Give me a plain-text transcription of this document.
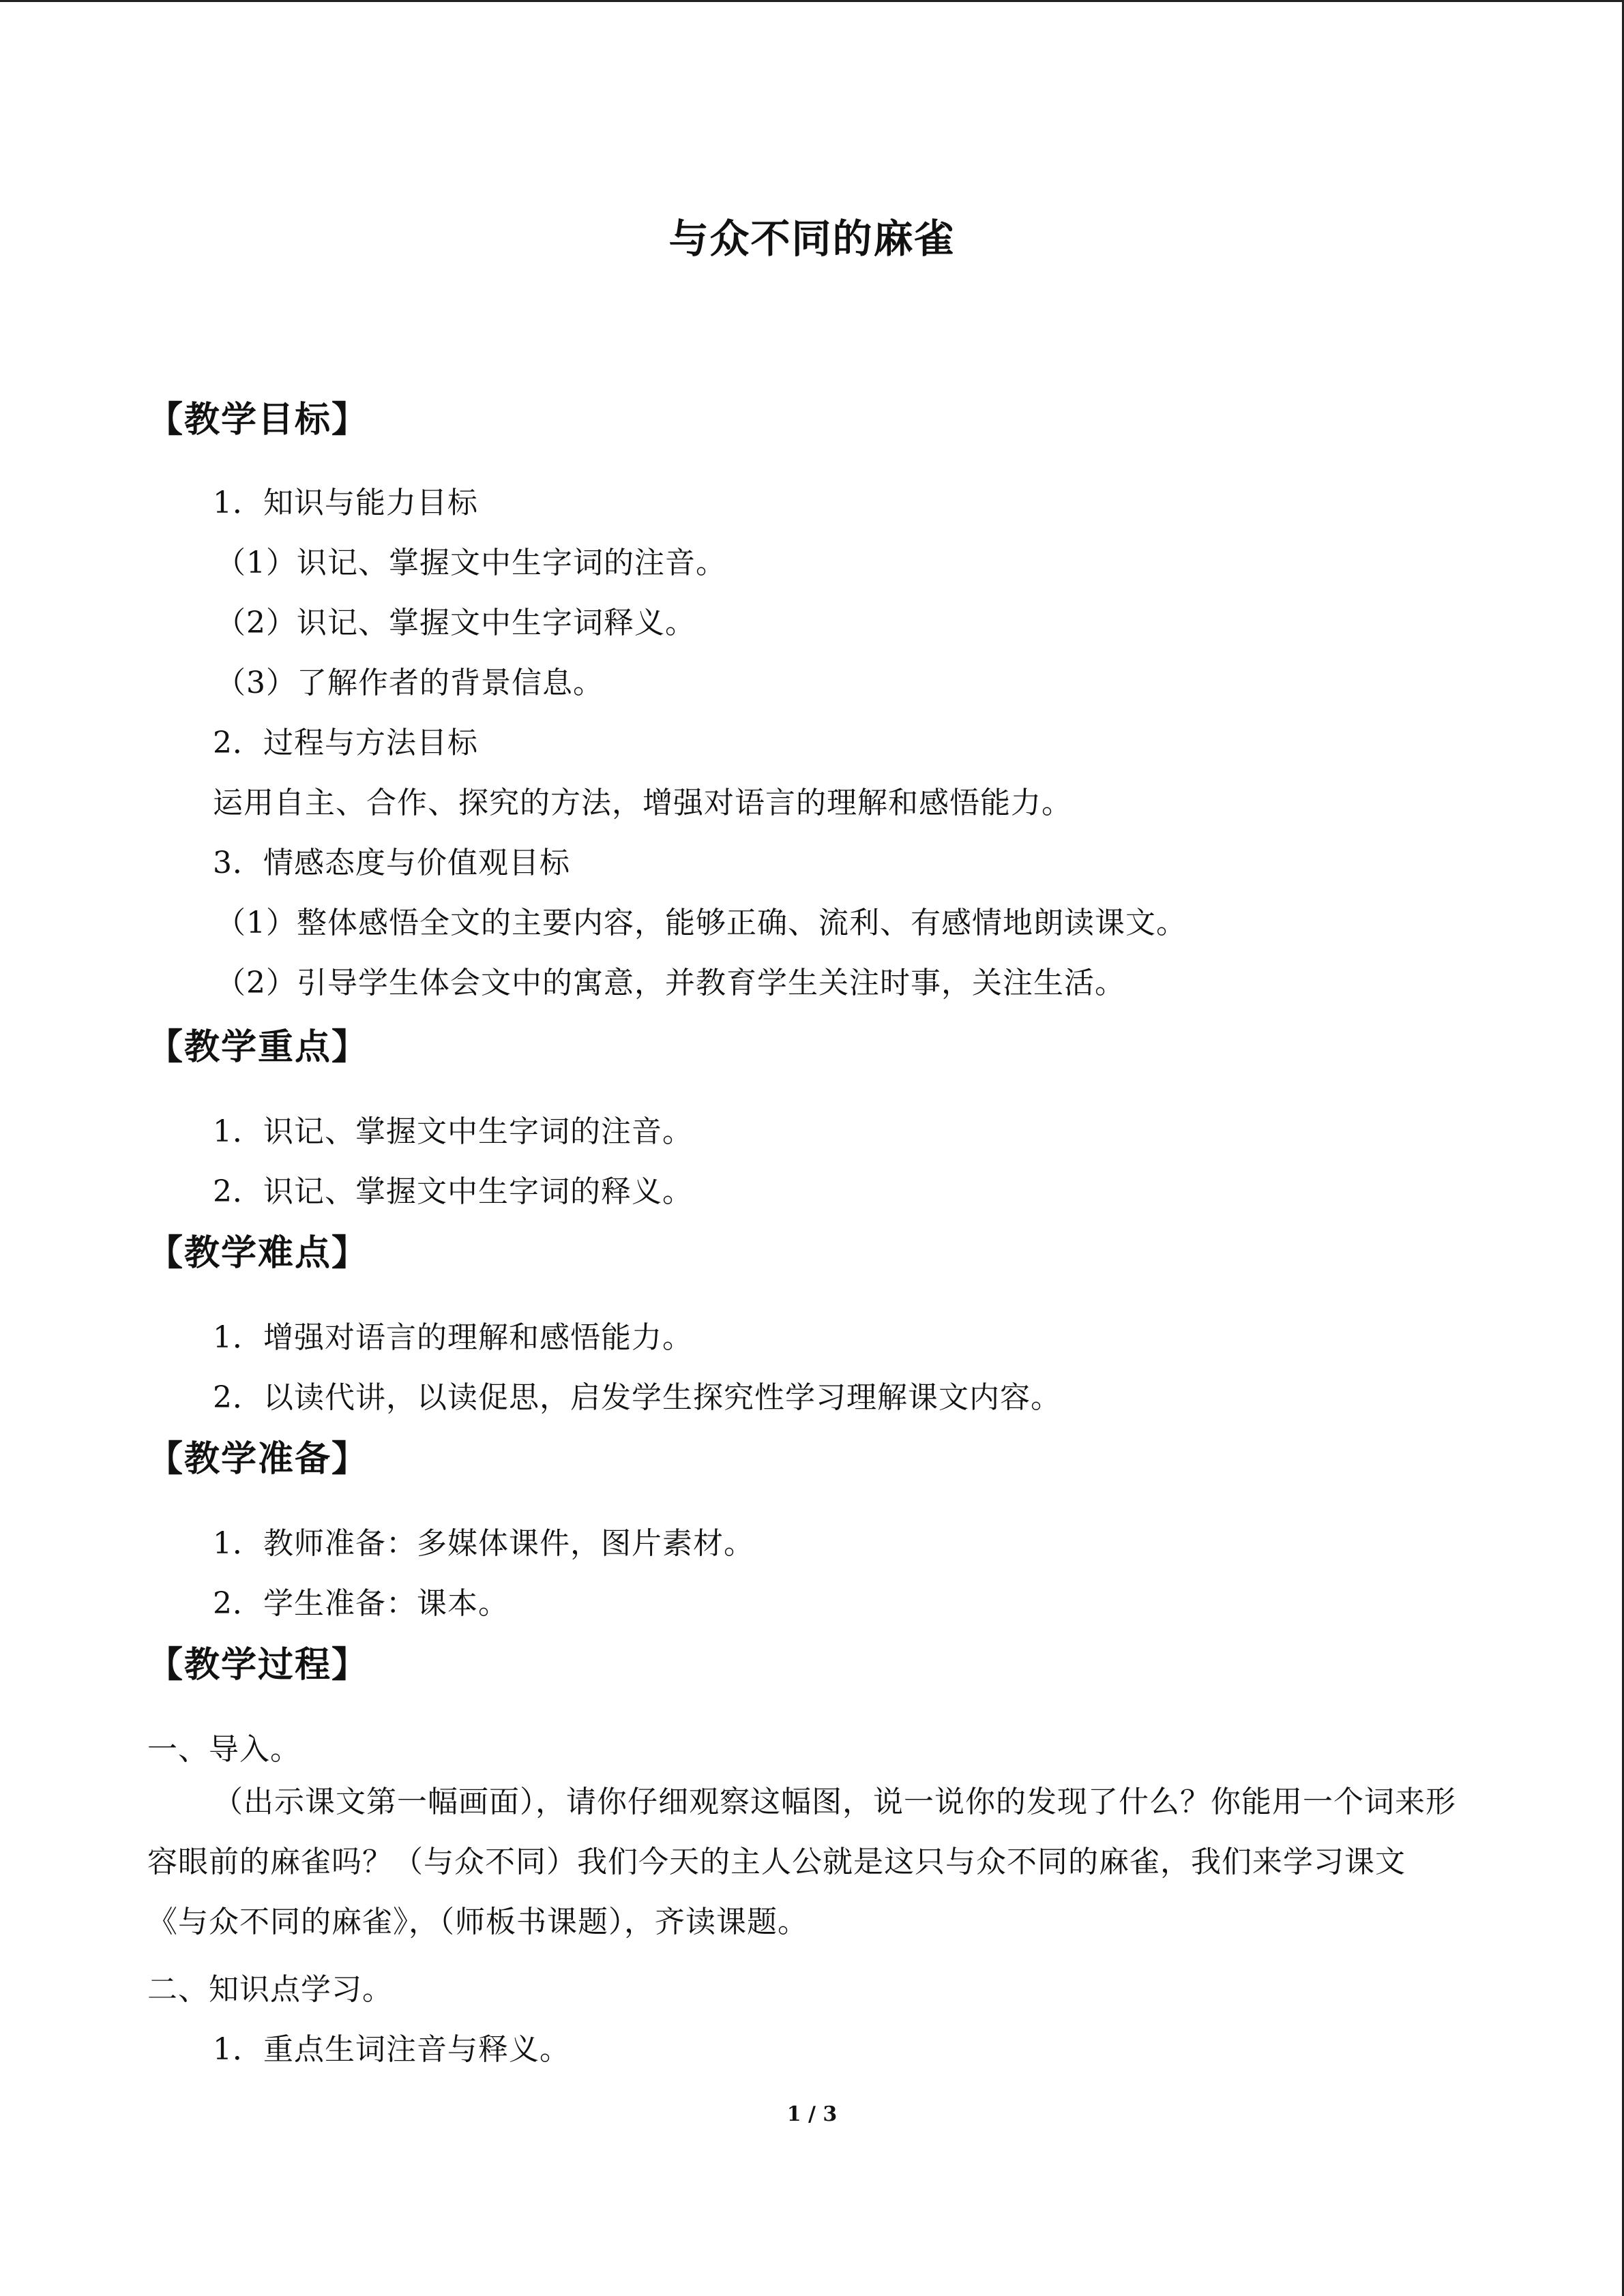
与众不同的麻雀
【教学目标】
1．知识与能力目标
（1）识记、掌握文中生字词的注音。
（2）识记、掌握文中生字词释义。
（3）了解作者的背景信息。
2．过程与方法目标
运用自主、合作、探究的方法，增强对语言的理解和感悟能力。
3．情感态度与价值观目标
（1）整体感悟全文的主要内容，能够正确、流利、有感情地朗读课文。
（2）引导学生体会文中的寓意，并教育学生关注时事，关注生活。
【教学重点】
1．识记、掌握文中生字词的注音。
2．识记、掌握文中生字词的释义。
【教学难点】
1．增强对语言的理解和感悟能力。
2．以读代讲，以读促思，启发学生探究性学习理解课文内容。
【教学准备】
1．教师准备：多媒体课件，图片素材。
2．学生准备：课本。
【教学过程】
一、导入。
（出示课文第一幅画面），请你仔细观察这幅图，说一说你的发现了什么？你能用一个词来形容眼前的麻雀吗？（与众不同）我们今天的主人公就是这只与众不同的麻雀，我们来学习课文《与众不同的麻雀》，（师板书课题），齐读课题。
二、知识点学习。
1．重点生词注音与释义。
1 / 3
